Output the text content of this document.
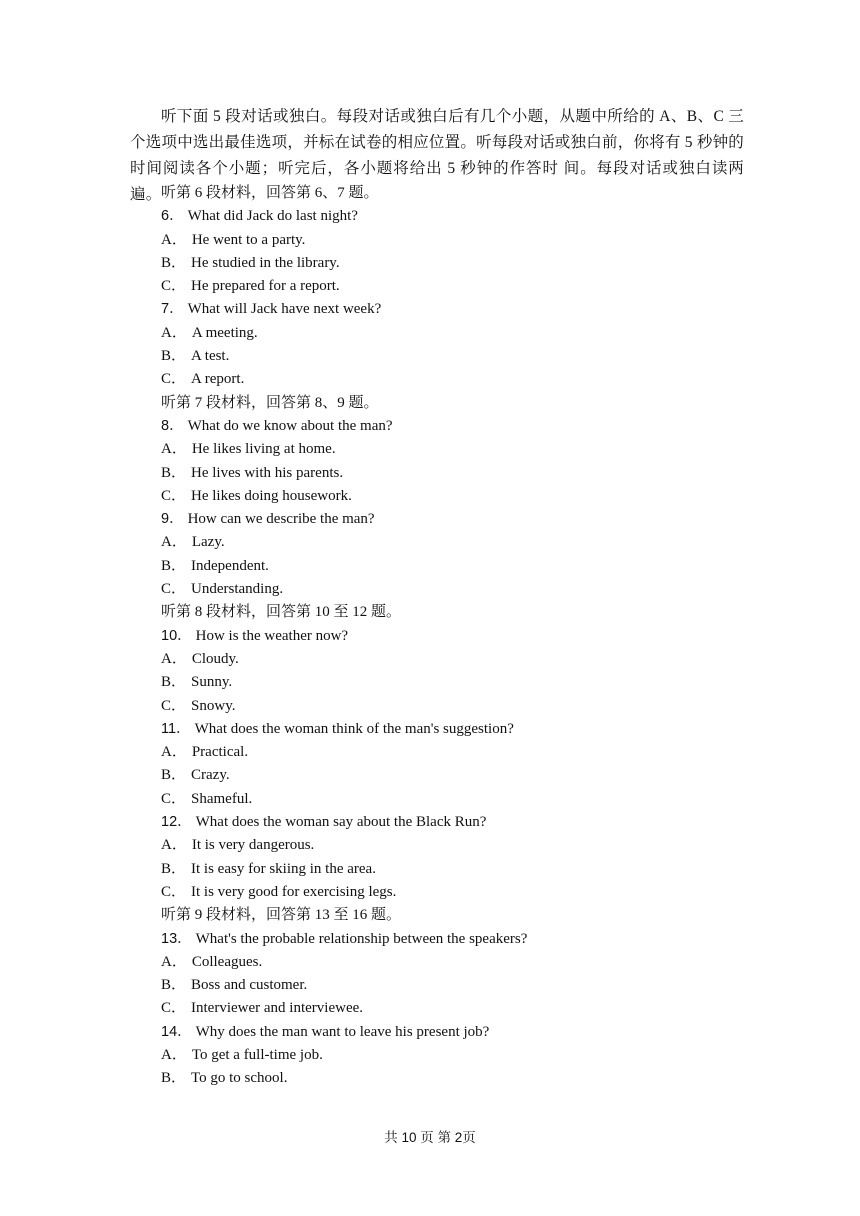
听下面 5 段对话或独白。每段对话或独白后有几个小题，从题中所给的 A、B、C 三个选项中选出最佳选项，并标在试卷的相应位置。听每段对话或独白前，你将有 5 秒钟的时间阅读各个小题；听完后，各小题将给出 5 秒钟的作答时 间。每段对话或独白读两遍。 听第 6 段材料，回答第 6、7 题。
6． What did Jack do last night?
A． He went to a party.
B． He studied in the library.
C． He prepared for a report.
7． What will Jack have next week?
A． A meeting.
B． A test.
C． A report.
听第 7 段材料，回答第 8、9 题。
8． What do we know about the man?
A． He likes living at home.
B． He lives with his parents.
C． He likes doing housework.
9． How can we describe the man?
A． Lazy.
B． Independent.
C． Understanding.
听第 8 段材料，回答第 10 至 12 题。
10． How is the weather now?
A． Cloudy.
B． Sunny.
C． Snowy.
11． What does the woman think of the man's suggestion?
A． Practical.
B． Crazy.
C． Shameful.
12． What does the woman say about the Black Run?
A． It is very dangerous.
B． It is easy for skiing in the area.
C． It is very good for exercising legs.
听第 9 段材料，回答第 13 至 16 题。
13． What's the probable relationship between the speakers?
A． Colleagues.
B． Boss and customer.
C． Interviewer and interviewee.
14． Why does the man want to leave his present job?
A． To get a full-time job.
B． To go to school.
共 10 页 第 2页
